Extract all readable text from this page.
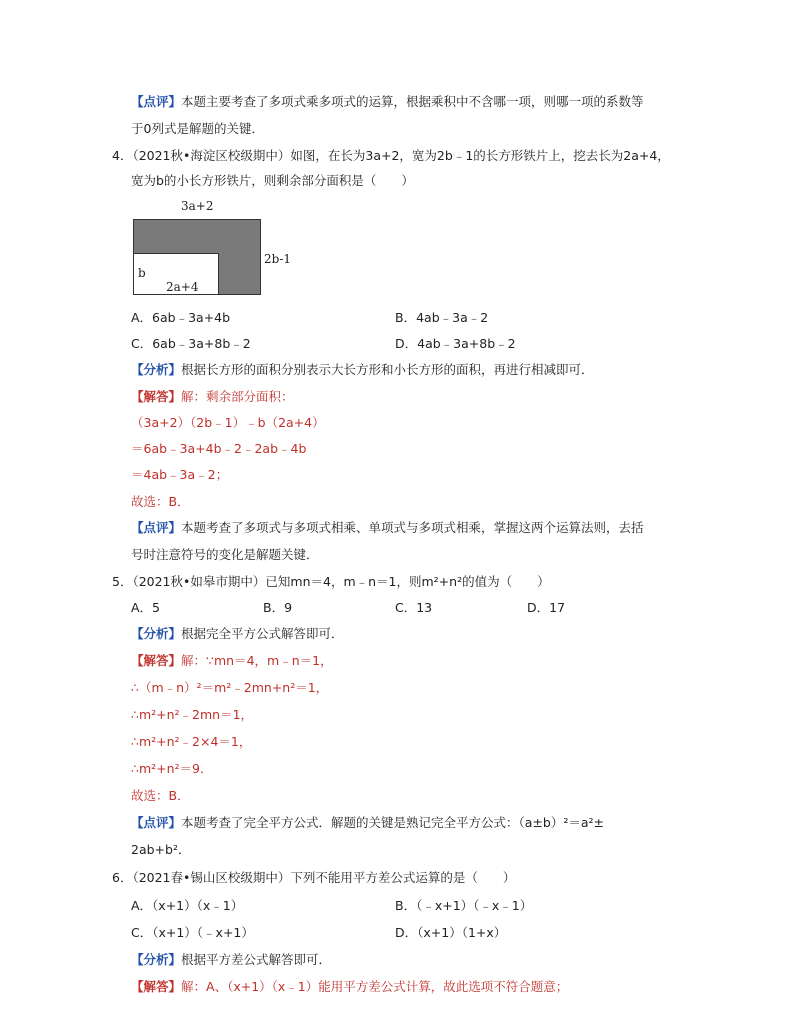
【点评】本题主要考查了多项式乘多项式的运算，根据乘积中不含哪一项，则哪一项的系数等
于0列式是解题的关键．
4．（2021秋•海淀区校级期中）如图，在长为3a+2，宽为2b﹣1的长方形铁片上，挖去长为2a+4，
宽为b的小长方形铁片，则剩余部分面积是（　　）
3a+2
2b-1
b
2a+4
A．6ab﹣3a+4b	B．4ab﹣3a﹣2
C．6ab﹣3a+8b﹣2	D．4ab﹣3a+8b﹣2
【分析】根据长方形的面积分别表示大长方形和小长方形的面积，再进行相减即可．
【解答】解：剩余部分面积：
（3a+2）（2b﹣1）﹣b（2a+4）
＝6ab﹣3a+4b﹣2﹣2ab﹣4b
＝4ab﹣3a﹣2；
故选：B．
【点评】本题考查了多项式与多项式相乘、单项式与多项式相乘，掌握这两个运算法则，去括
号时注意符号的变化是解题关键．
5．（2021秋•如皋市期中）已知mn＝4，m﹣n＝1，则m²+n²的值为（　　）
A．5	B．9	C．13	D．17
【分析】根据完全平方公式解答即可．
【解答】解：∵mn＝4，m﹣n＝1，
∴（m﹣n）²＝m²﹣2mn+n²＝1，
∴m²+n²﹣2mn＝1，
∴m²+n²﹣2×4＝1，
∴m²+n²＝9．
故选：B．
【点评】本题考查了完全平方公式．解题的关键是熟记完全平方公式：（a±b）²＝a²±
2ab+b²．
6．（2021春•锡山区校级期中）下列不能用平方差公式运算的是（　　）
A．（x+1）（x﹣1）	B．（﹣x+1）（﹣x﹣1）
C．（x+1）（﹣x+1）	D．（x+1）（1+x）
【分析】根据平方差公式解答即可．
【解答】解：A、（x+1）（x﹣1）能用平方差公式计算，故此选项不符合题意；
